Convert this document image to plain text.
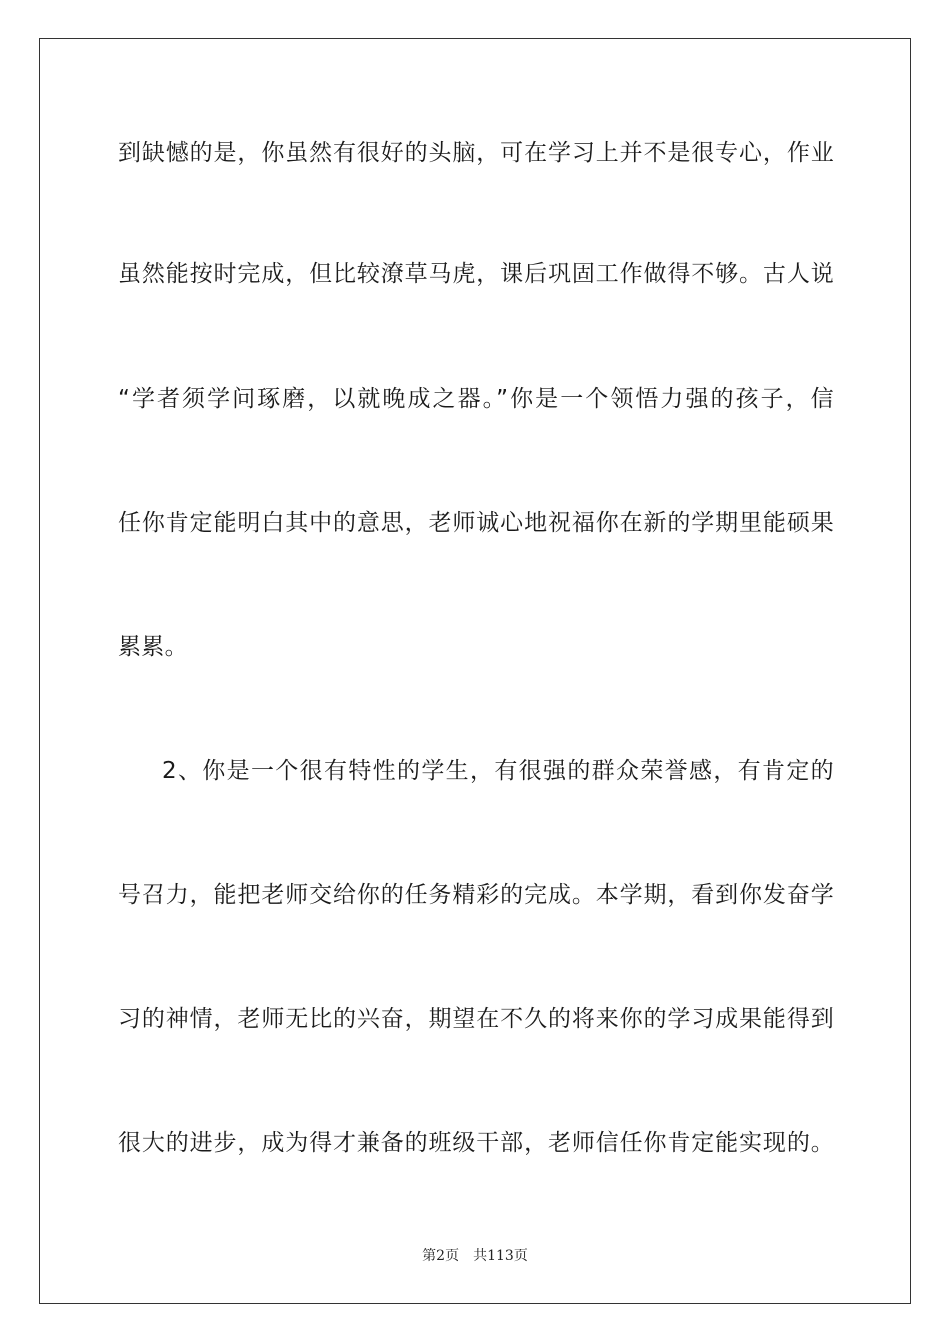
到缺憾的是，你虽然有很好的头脑，可在学习上并不是很专心，作业
虽然能按时完成，但比较潦草马虎，课后巩固工作做得不够。古人说
“学者须学问琢磨，以就晚成之器。”你是一个领悟力强的孩子，信
任你肯定能明白其中的意思，老师诚心地祝福你在新的学期里能硕果
累累。
2、你是一个很有特性的学生，有很强的群众荣誉感，有肯定的
号召力，能把老师交给你的任务精彩的完成。本学期，看到你发奋学
习的神情，老师无比的兴奋，期望在不久的将来你的学习成果能得到
很大的进步，成为得才兼备的班级干部，老师信任你肯定能实现的。
第2页 共113页
